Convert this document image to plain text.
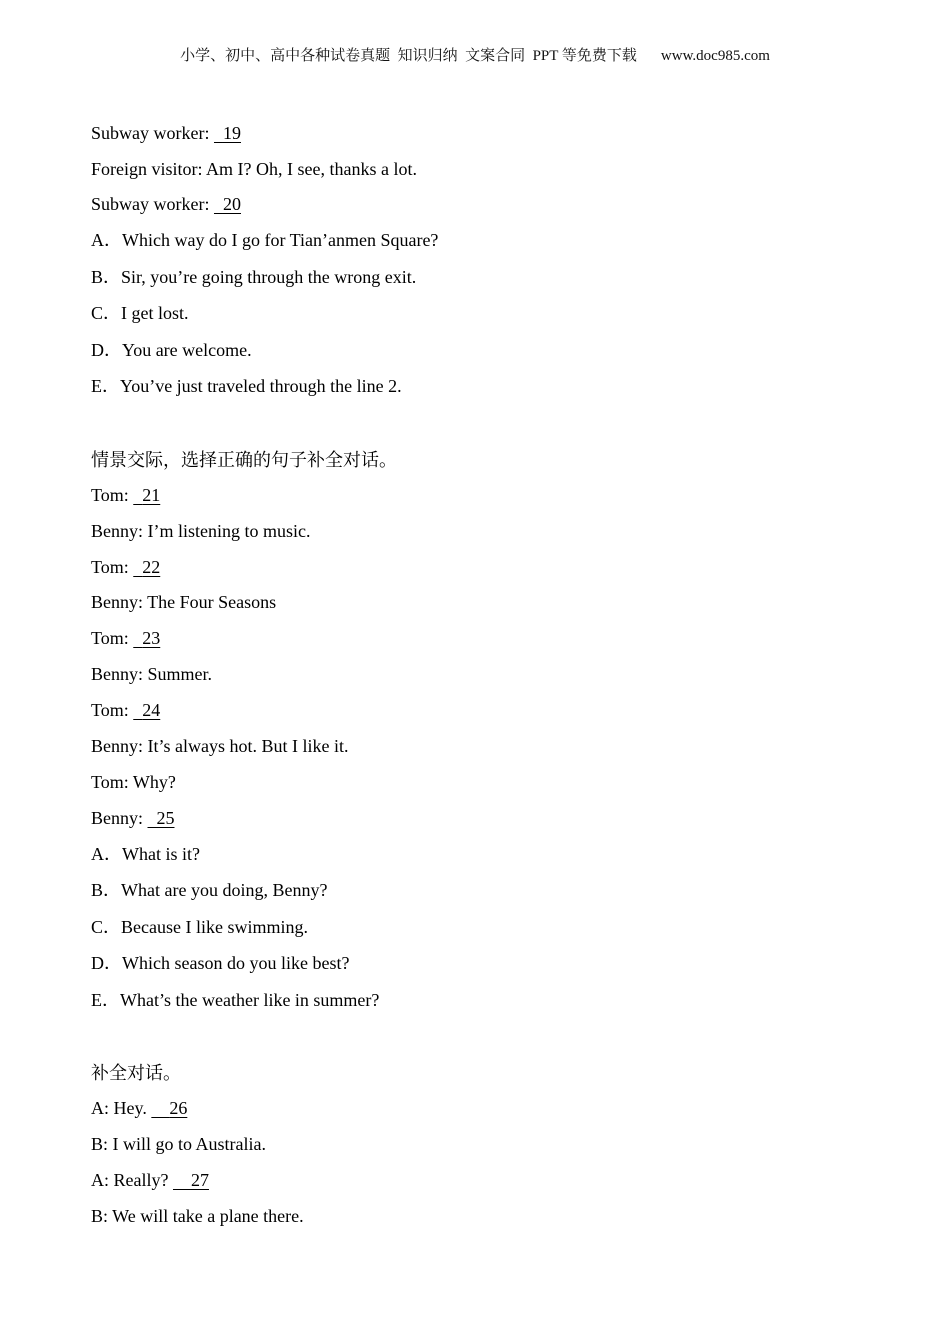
小学、初中、高中各种试卷真题  知识归纳  文案合同  PPT 等免费下载 www.doc985.com
Subway worker:   19
Foreign visitor: Am I? Oh, I see, thanks a lot.
Subway worker:   20
A．Which way do I go for Tian’anmen Square?
B．Sir, you’re going through the wrong exit.
C．I get lost.
D．You are welcome.
E．You’ve just traveled through the line 2.
情景交际，选择正确的句子补全对话。
Tom:   21
Benny: I’m listening to music.
Tom:   22
Benny: The Four Seasons
Tom:   23
Benny: Summer.
Tom:   24
Benny: It’s always hot. But I like it.
Tom: Why?
Benny:   25
A．What is it?
B．What are you doing, Benny?
C．Because I like swimming.
D．Which season do you like best?
E．What’s the weather like in summer?
补全对话。
A: Hey.     26
B: I will go to Australia.
A: Really?     27
B: We will take a plane there.
